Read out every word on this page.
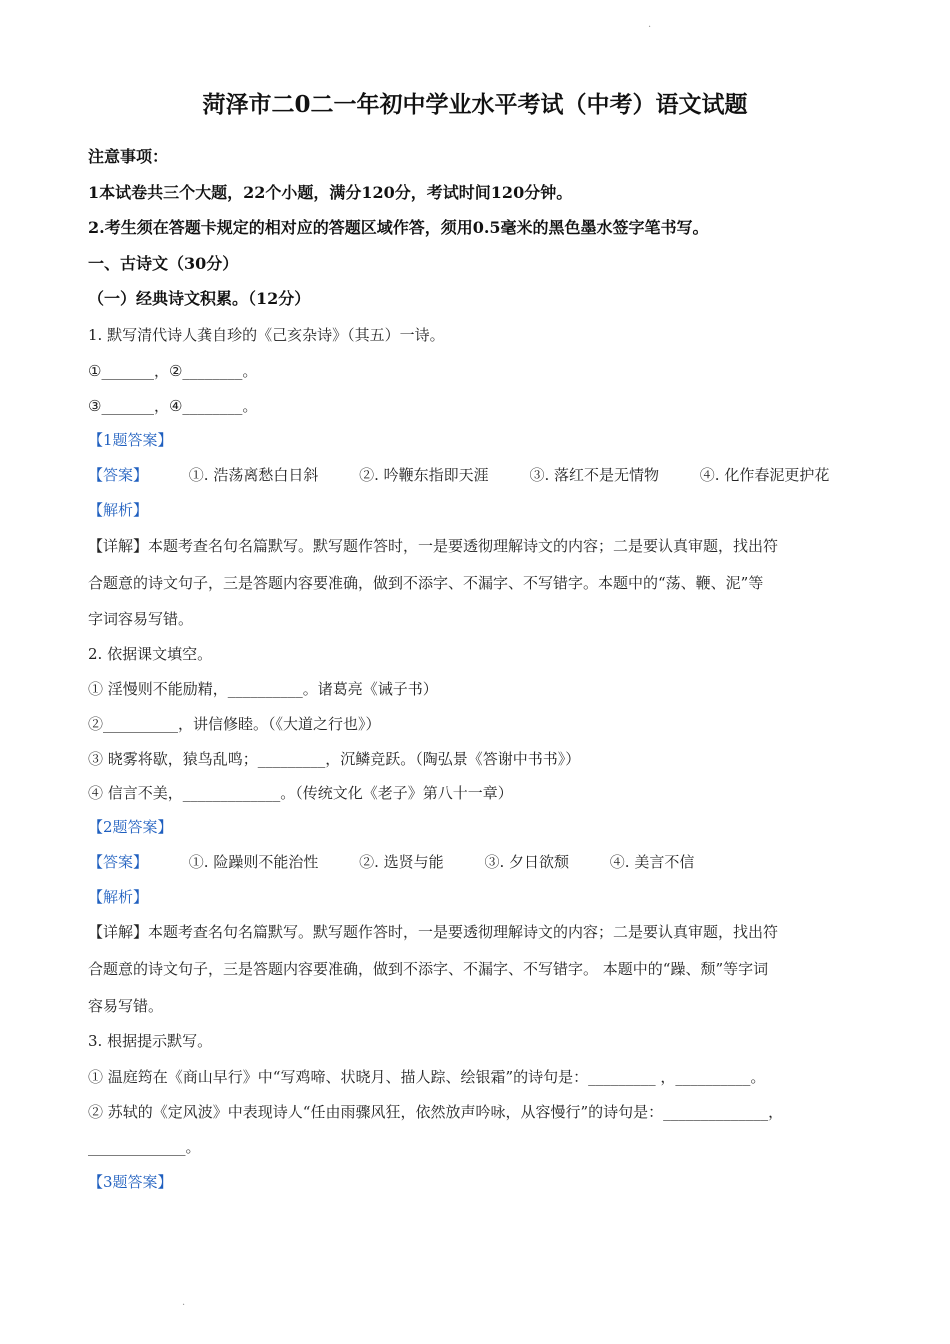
·
菏泽市二0二一年初中学业水平考试（中考）语文试题
注意事项：
1本试卷共三个大题，22个小题，满分120分，考试时间120分钟。
2.考生须在答题卡规定的相对应的答题区域作答，须用0.5毫米的黑色墨水签字笔书写。
一、古诗文（30分）
（一）经典诗文积累。（12分）
1. 默写清代诗人龚自珍的《己亥杂诗》（其五）一诗。
①_______，②________。
③_______，④________。
【1题答案】
【答案】	①. 浩荡离愁白日斜	②. 吟鞭东指即天涯	③. 落红不是无情物	④. 化作春泥更护花
【解析】
【详解】本题考查名句名篇默写。默写题作答时，一是要透彻理解诗文的内容；二是要认真审题，找出符
合题意的诗文句子，三是答题内容要准确，做到不添字、不漏字、不写错字。本题中的“荡、鞭、泥”等
字词容易写错。
2. 依据课文填空。
① 淫慢则不能励精，__________。诸葛亮《诫子书）
②__________，讲信修睦。（《大道之行也》）
③ 晓雾将歇，猿鸟乱鸣；_________，沉鳞竞跃。（陶弘景《答谢中书书》）
④ 信言不美，_____________。（传统文化《老子》第八十一章）
【2题答案】
【答案】	①. 险躁则不能治性	②. 选贤与能	③. 夕日欲颓	④. 美言不信
【解析】
【详解】本题考查名句名篇默写。默写题作答时，一是要透彻理解诗文的内容；二是要认真审题，找出符
合题意的诗文句子，三是答题内容要准确，做到不添字、不漏字、不写错字。 本题中的“躁、颓”等字词
容易写错。
3. 根据提示默写。
① 温庭筠在《商山早行》中“写鸡啼、状晓月、描人踪、绘银霜”的诗句是：_________ ，__________。
② 苏轼的《定风波》中表现诗人“任由雨骤风狂，依然放声吟咏，从容慢行”的诗句是：______________，
_____________。
【3题答案】
·
